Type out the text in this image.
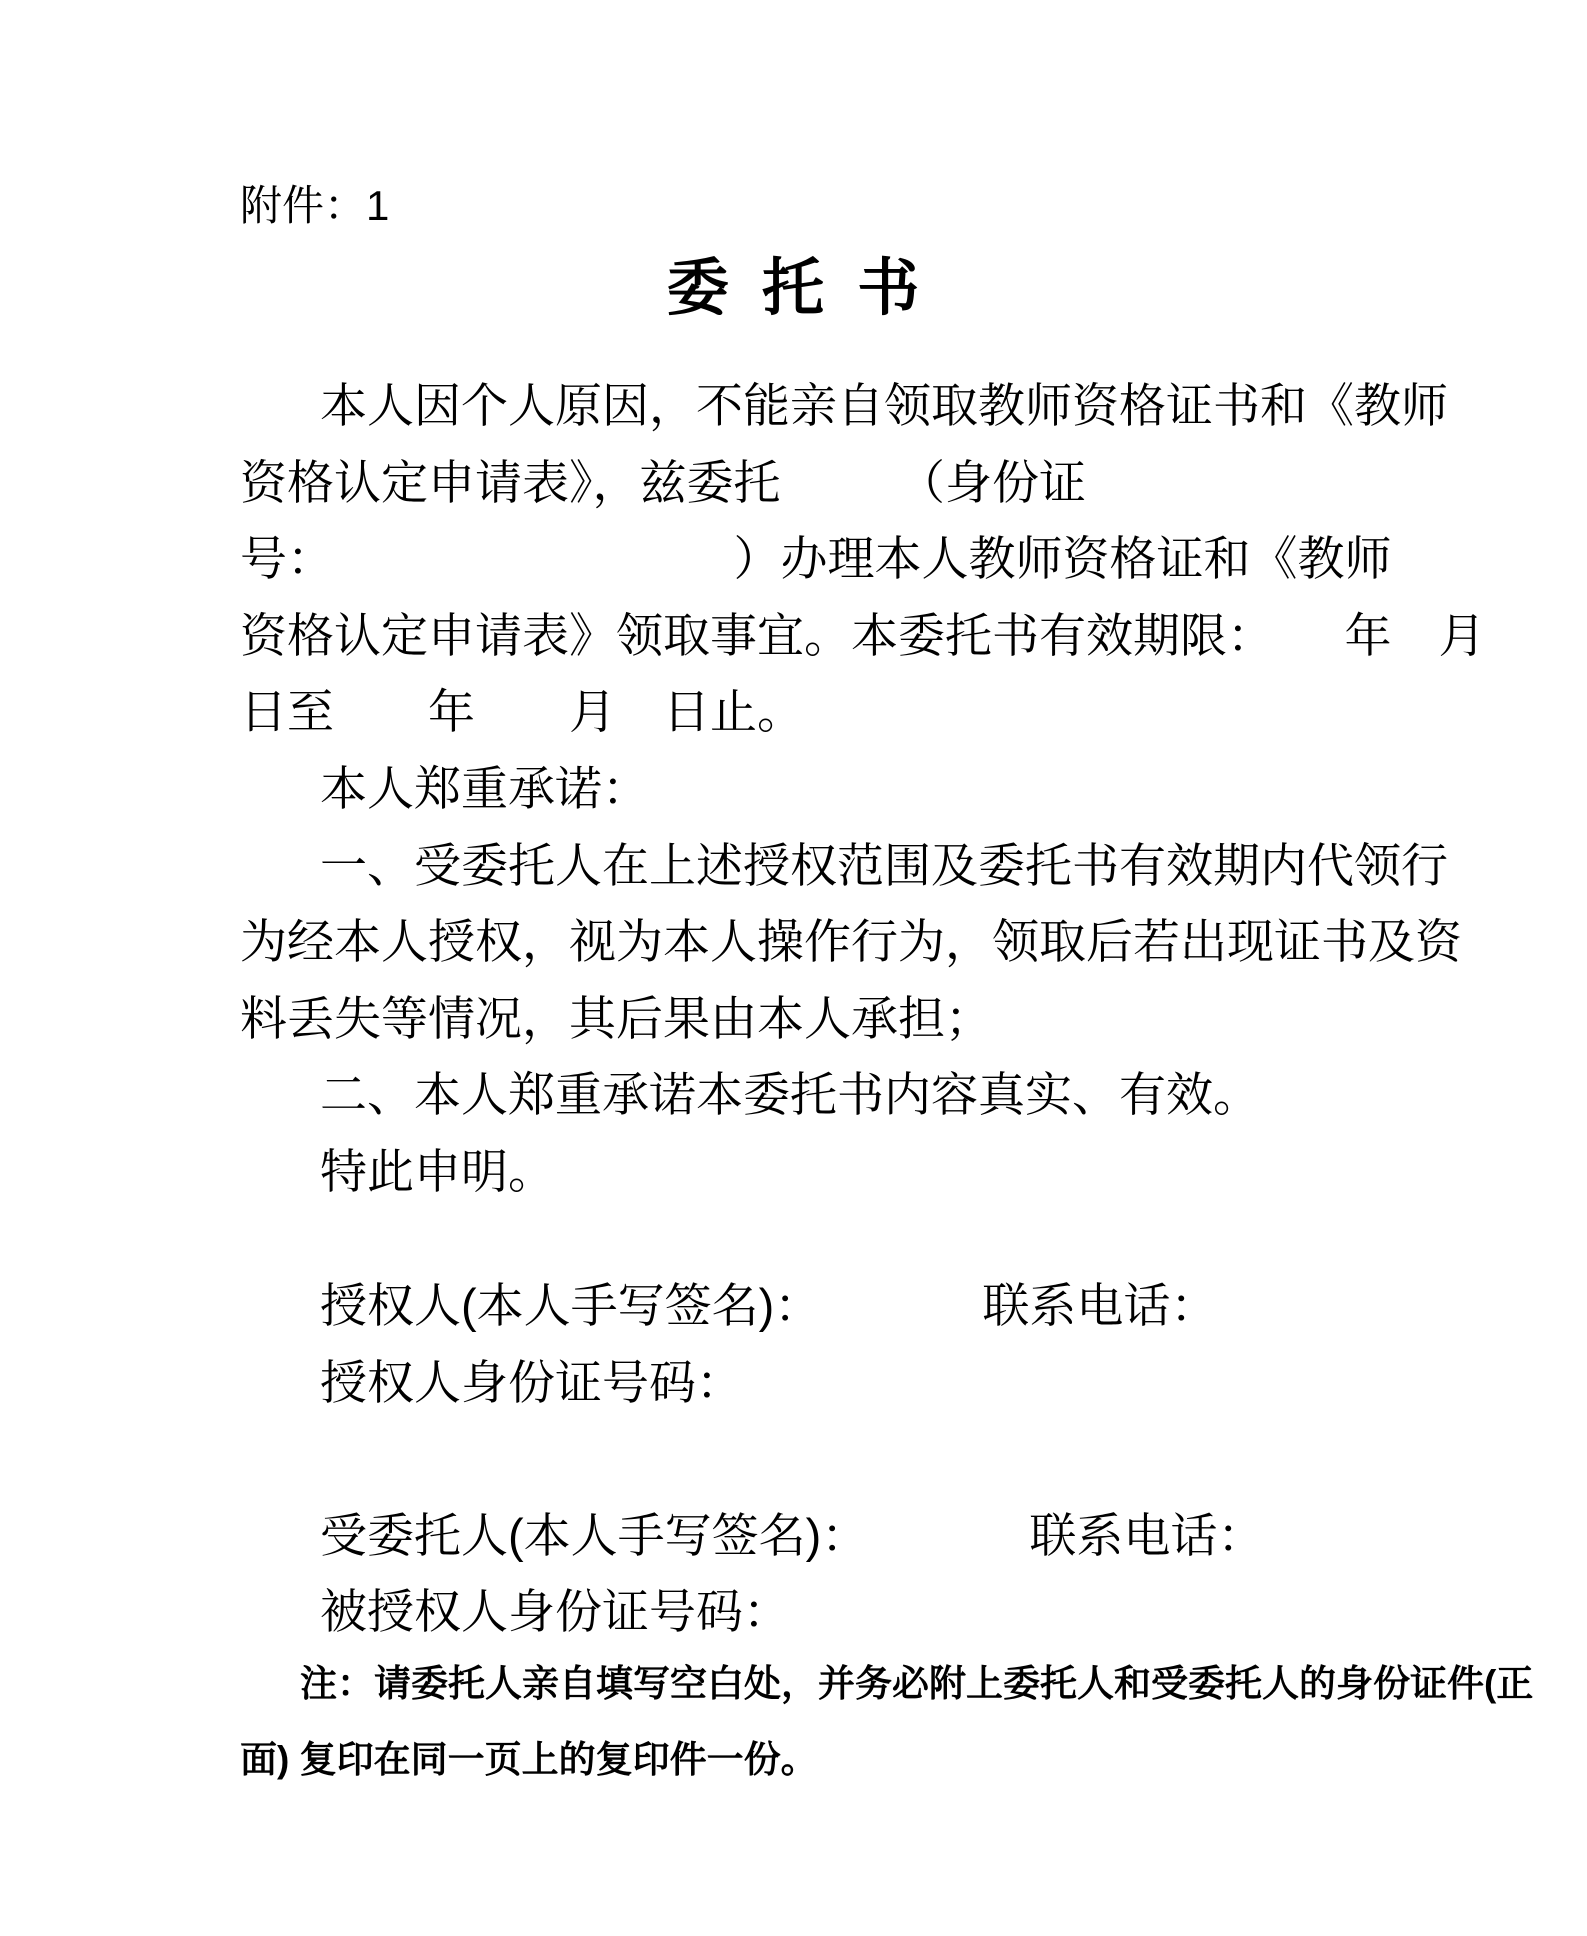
附件：1
委 托 书
本人因个人原因，不能亲自领取教师资格证书和《教师
资格认定申请表》，兹委托　　　（身份证
号：　　　　　　　　　）办理本人教师资格证和《教师
资格认定申请表》领取事宜。本委托书有效期限：　　年　月
日至　　年　　月　日止。
本人郑重承诺：
一、受委托人在上述授权范围及委托书有效期内代领行
为经本人授权，视为本人操作行为，领取后若出现证书及资
料丢失等情况，其后果由本人承担；
二、本人郑重承诺本委托书内容真实、有效。
特此申明。
授权人(本人手写签名)：	联系电话：
授权人身份证号码：
受委托人(本人手写签名)：	联系电话：
被授权人身份证号码：
注：请委托人亲自填写空白处，并务必附上委托人和受委托人的身份证件(正
面) 复印在同一页上的复印件一份。
